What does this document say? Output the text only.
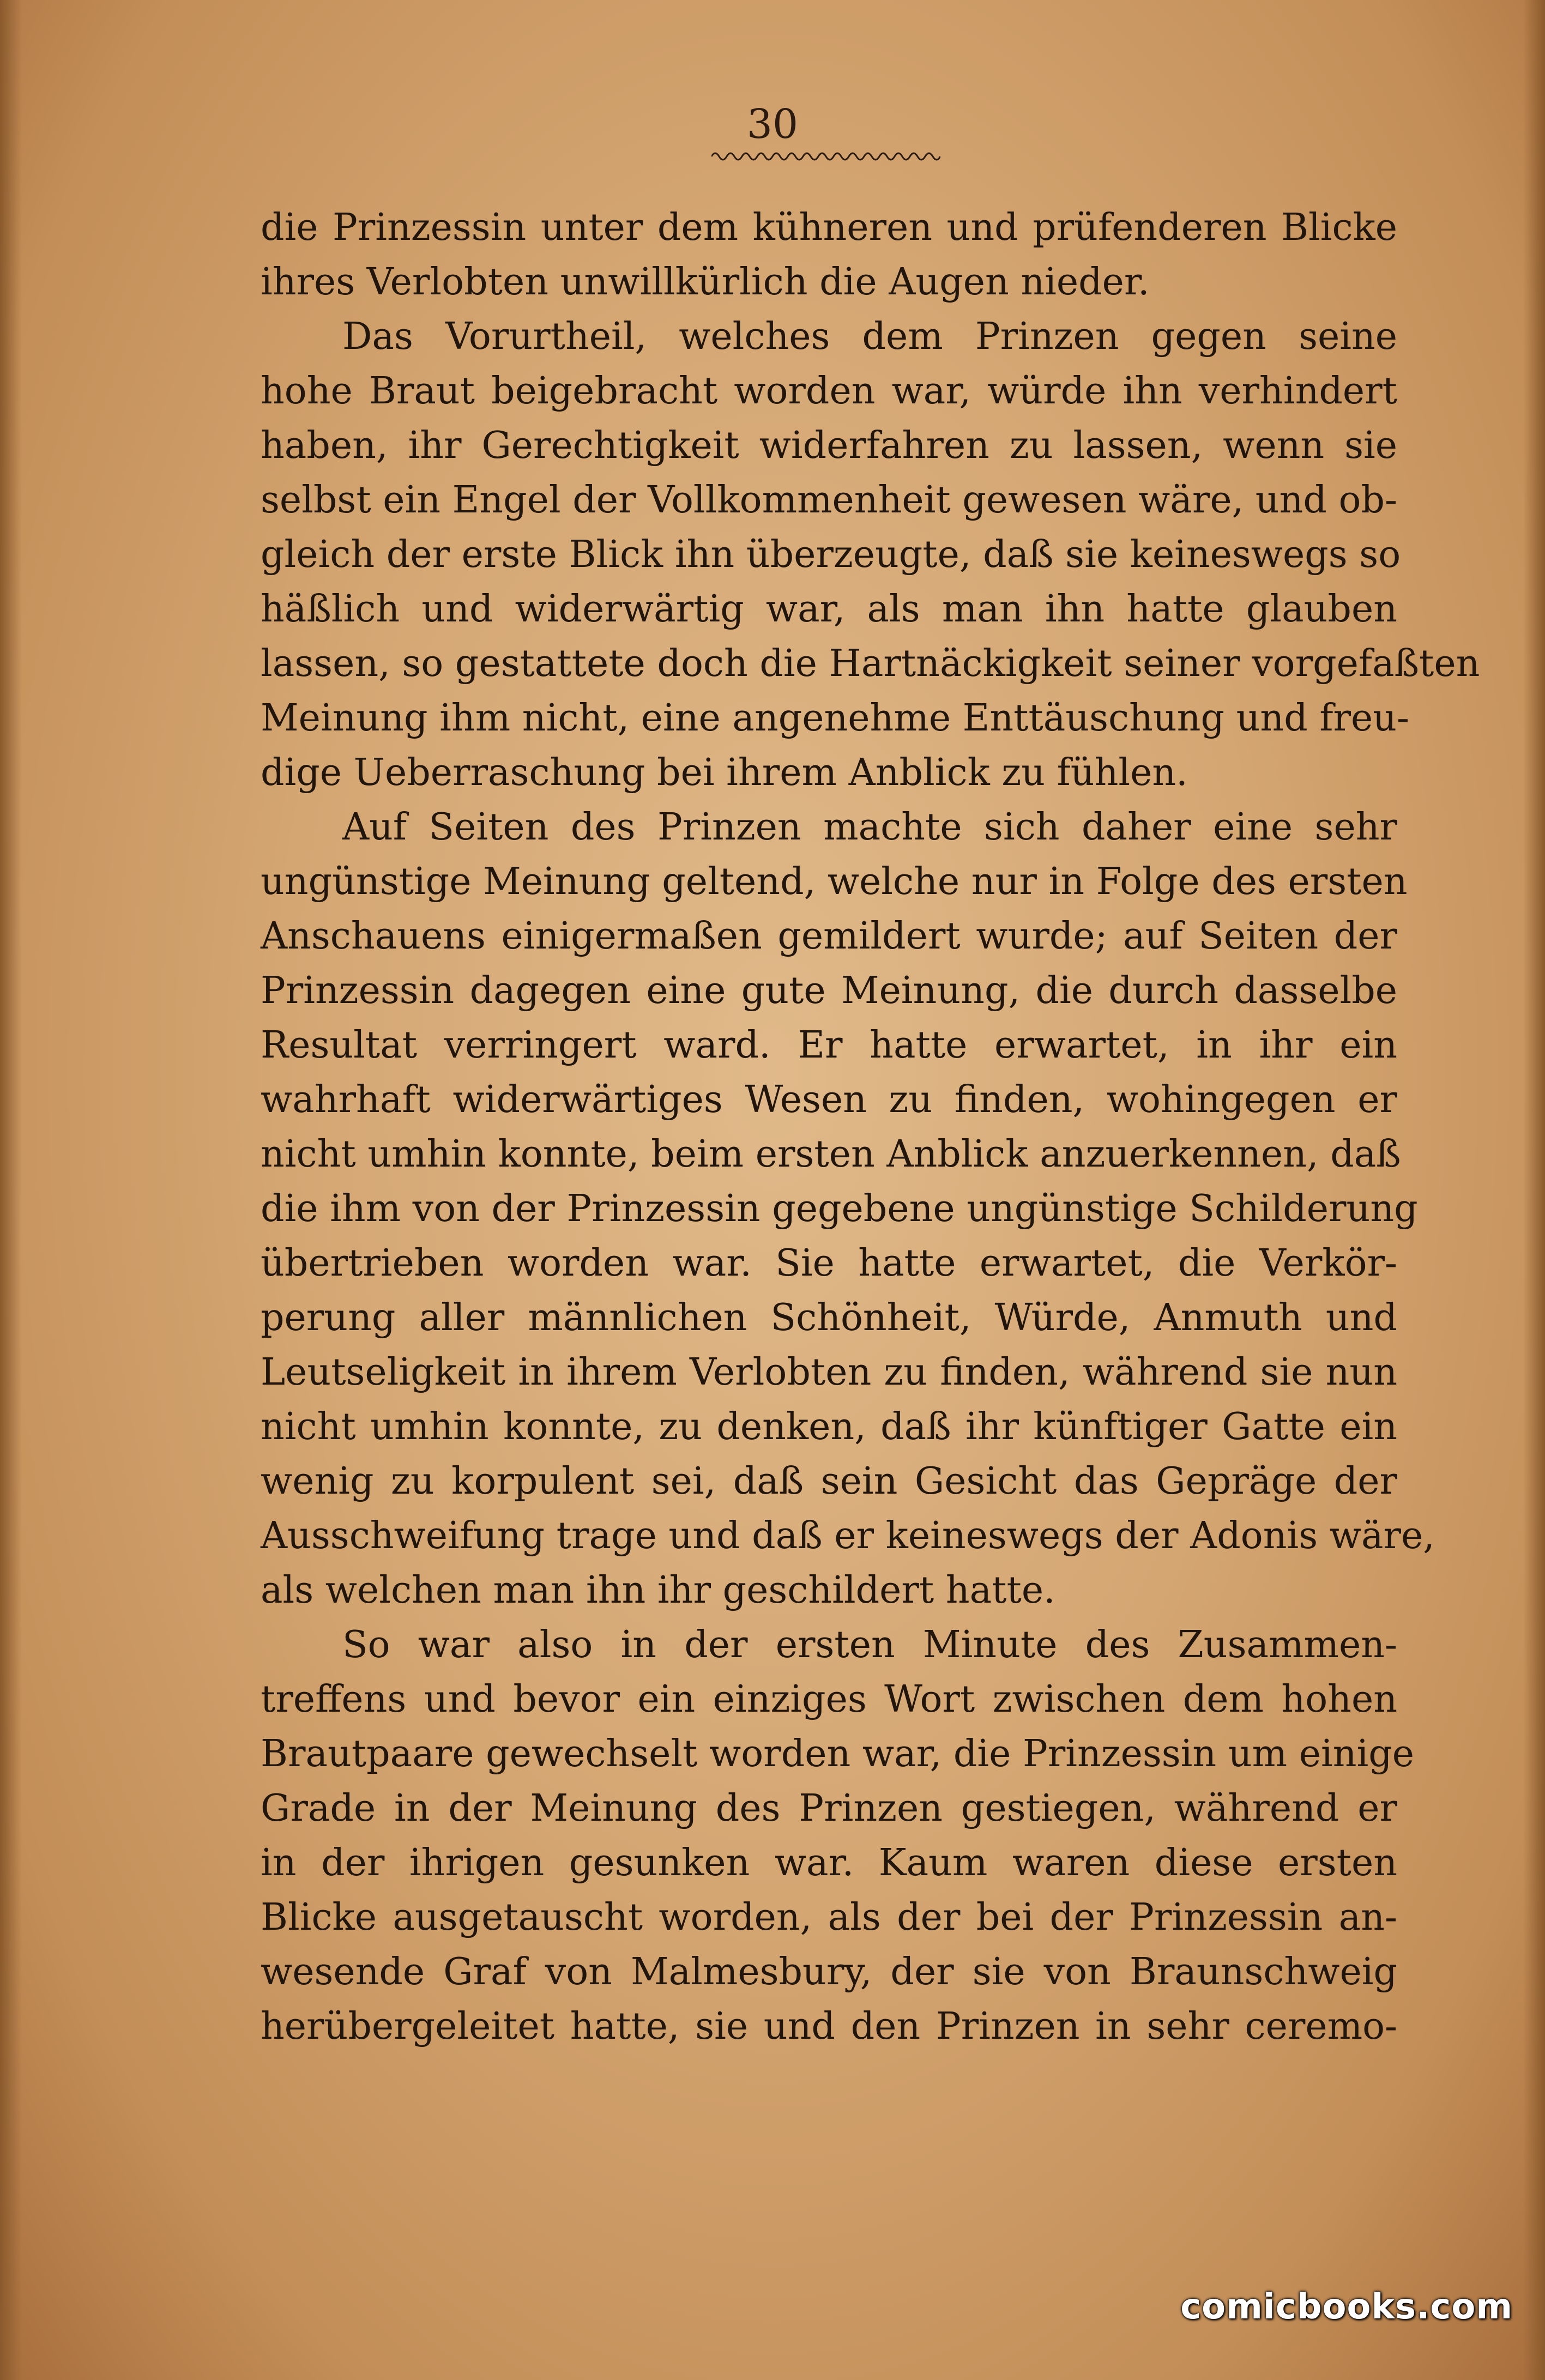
30
die Prinzessin unter dem kühneren und prüfenderen Blicke
ihres Verlobten unwillkürlich die Augen nieder.
Das Vorurtheil, welches dem Prinzen gegen seine
hohe Braut beigebracht worden war, würde ihn verhindert
haben, ihr Gerechtigkeit widerfahren zu lassen, wenn sie
selbst ein Engel der Vollkommenheit gewesen wäre, und ob-
gleich der erste Blick ihn überzeugte, daß sie keineswegs so
häßlich und widerwärtig war, als man ihn hatte glauben
lassen, so gestattete doch die Hartnäckigkeit seiner vorgefaßten
Meinung ihm nicht, eine angenehme Enttäuschung und freu-
dige Ueberraschung bei ihrem Anblick zu fühlen.
Auf Seiten des Prinzen machte sich daher eine sehr
ungünstige Meinung geltend, welche nur in Folge des ersten
Anschauens einigermaßen gemildert wurde; auf Seiten der
Prinzessin dagegen eine gute Meinung, die durch dasselbe
Resultat verringert ward. Er hatte erwartet, in ihr ein
wahrhaft widerwärtiges Wesen zu finden, wohingegen er
nicht umhin konnte, beim ersten Anblick anzuerkennen, daß
die ihm von der Prinzessin gegebene ungünstige Schilderung
übertrieben worden war. Sie hatte erwartet, die Verkör-
perung aller männlichen Schönheit, Würde, Anmuth und
Leutseligkeit in ihrem Verlobten zu finden, während sie nun
nicht umhin konnte, zu denken, daß ihr künftiger Gatte ein
wenig zu korpulent sei, daß sein Gesicht das Gepräge der
Ausschweifung trage und daß er keineswegs der Adonis wäre,
als welchen man ihn ihr geschildert hatte.
So war also in der ersten Minute des Zusammen-
treffens und bevor ein einziges Wort zwischen dem hohen
Brautpaare gewechselt worden war, die Prinzessin um einige
Grade in der Meinung des Prinzen gestiegen, während er
in der ihrigen gesunken war. Kaum waren diese ersten
Blicke ausgetauscht worden, als der bei der Prinzessin an-
wesende Graf von Malmesbury, der sie von Braunschweig
herübergeleitet hatte, sie und den Prinzen in sehr ceremo-
comicbooks.com
